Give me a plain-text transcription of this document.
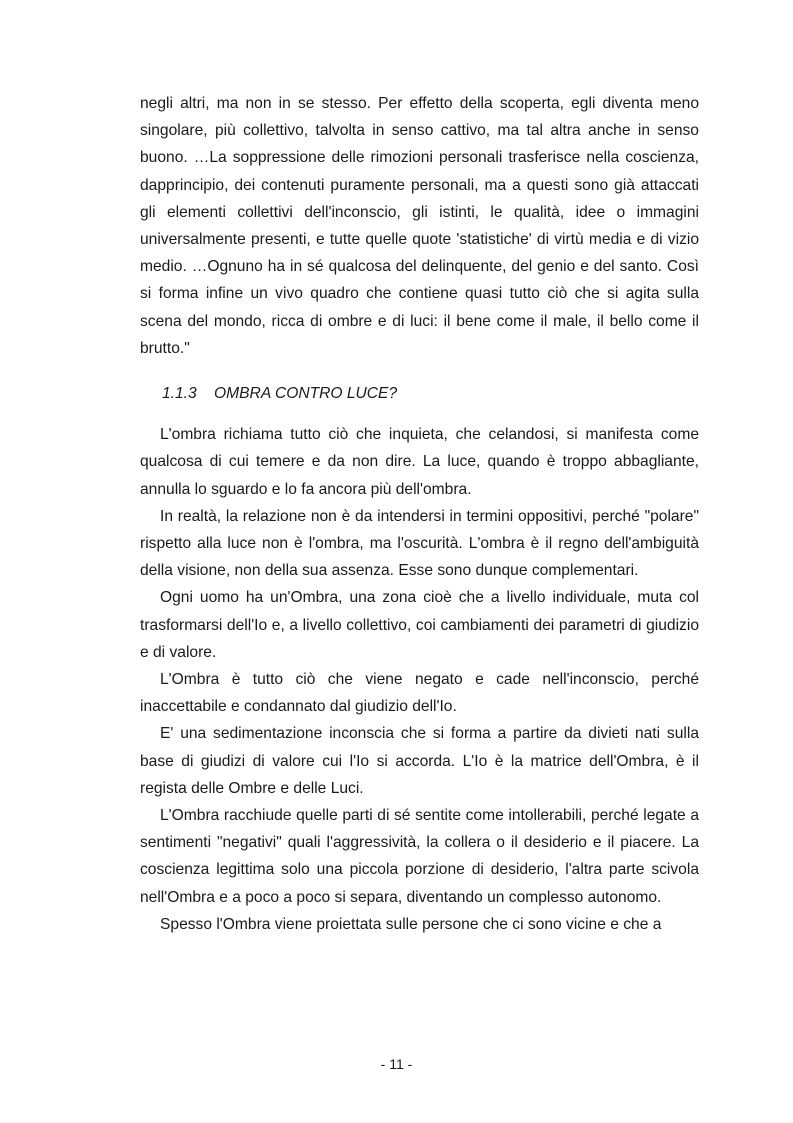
negli altri, ma non in se stesso. Per effetto della scoperta, egli diventa meno singolare, più collettivo, talvolta in senso cattivo, ma tal altra anche in senso buono. …La soppressione delle rimozioni personali trasferisce nella coscienza, dapprincipio, dei contenuti puramente personali, ma a questi sono già attaccati gli elementi collettivi dell'inconscio, gli istinti, le qualità, idee o immagini universalmente presenti, e tutte quelle quote 'statistiche' di virtù media e di vizio medio. …Ognuno ha in sé qualcosa del delinquente, del genio e del santo. Così si forma infine un vivo quadro che contiene quasi tutto ciò che si agita sulla scena del mondo, ricca di ombre e di luci: il bene come il male, il bello come il brutto."

1.1.3 OMBRA CONTRO LUCE?

L'ombra richiama tutto ciò che inquieta, che celandosi, si manifesta come qualcosa di cui temere e da non dire. La luce, quando è troppo abbagliante, annulla lo sguardo e lo fa ancora più dell'ombra.

In realtà, la relazione non è da intendersi in termini oppositivi, perché "polare" rispetto alla luce non è l'ombra, ma l'oscurità. L'ombra è il regno dell'ambiguità della visione, non della sua assenza. Esse sono dunque complementari.

Ogni uomo ha un'Ombra, una zona cioè che a livello individuale, muta col trasformarsi dell'Io e, a livello collettivo, coi cambiamenti dei parametri di giudizio e di valore.

L'Ombra è tutto ciò che viene negato e cade nell'inconscio, perché inaccettabile e condannato dal giudizio dell'Io.

E' una sedimentazione inconscia che si forma a partire da divieti nati sulla base di giudizi di valore cui l'Io si accorda. L'Io è la matrice dell'Ombra, è il regista delle Ombre e delle Luci.

L'Ombra racchiude quelle parti di sé sentite come intollerabili, perché legate a sentimenti "negativi" quali l'aggressività, la collera o il desiderio e il piacere. La coscienza legittima solo una piccola porzione di desiderio, l'altra parte scivola nell'Ombra e a poco a poco si separa, diventando un complesso autonomo.

Spesso l'Ombra viene proiettata sulle persone che ci sono vicine e che a

- 11 -
